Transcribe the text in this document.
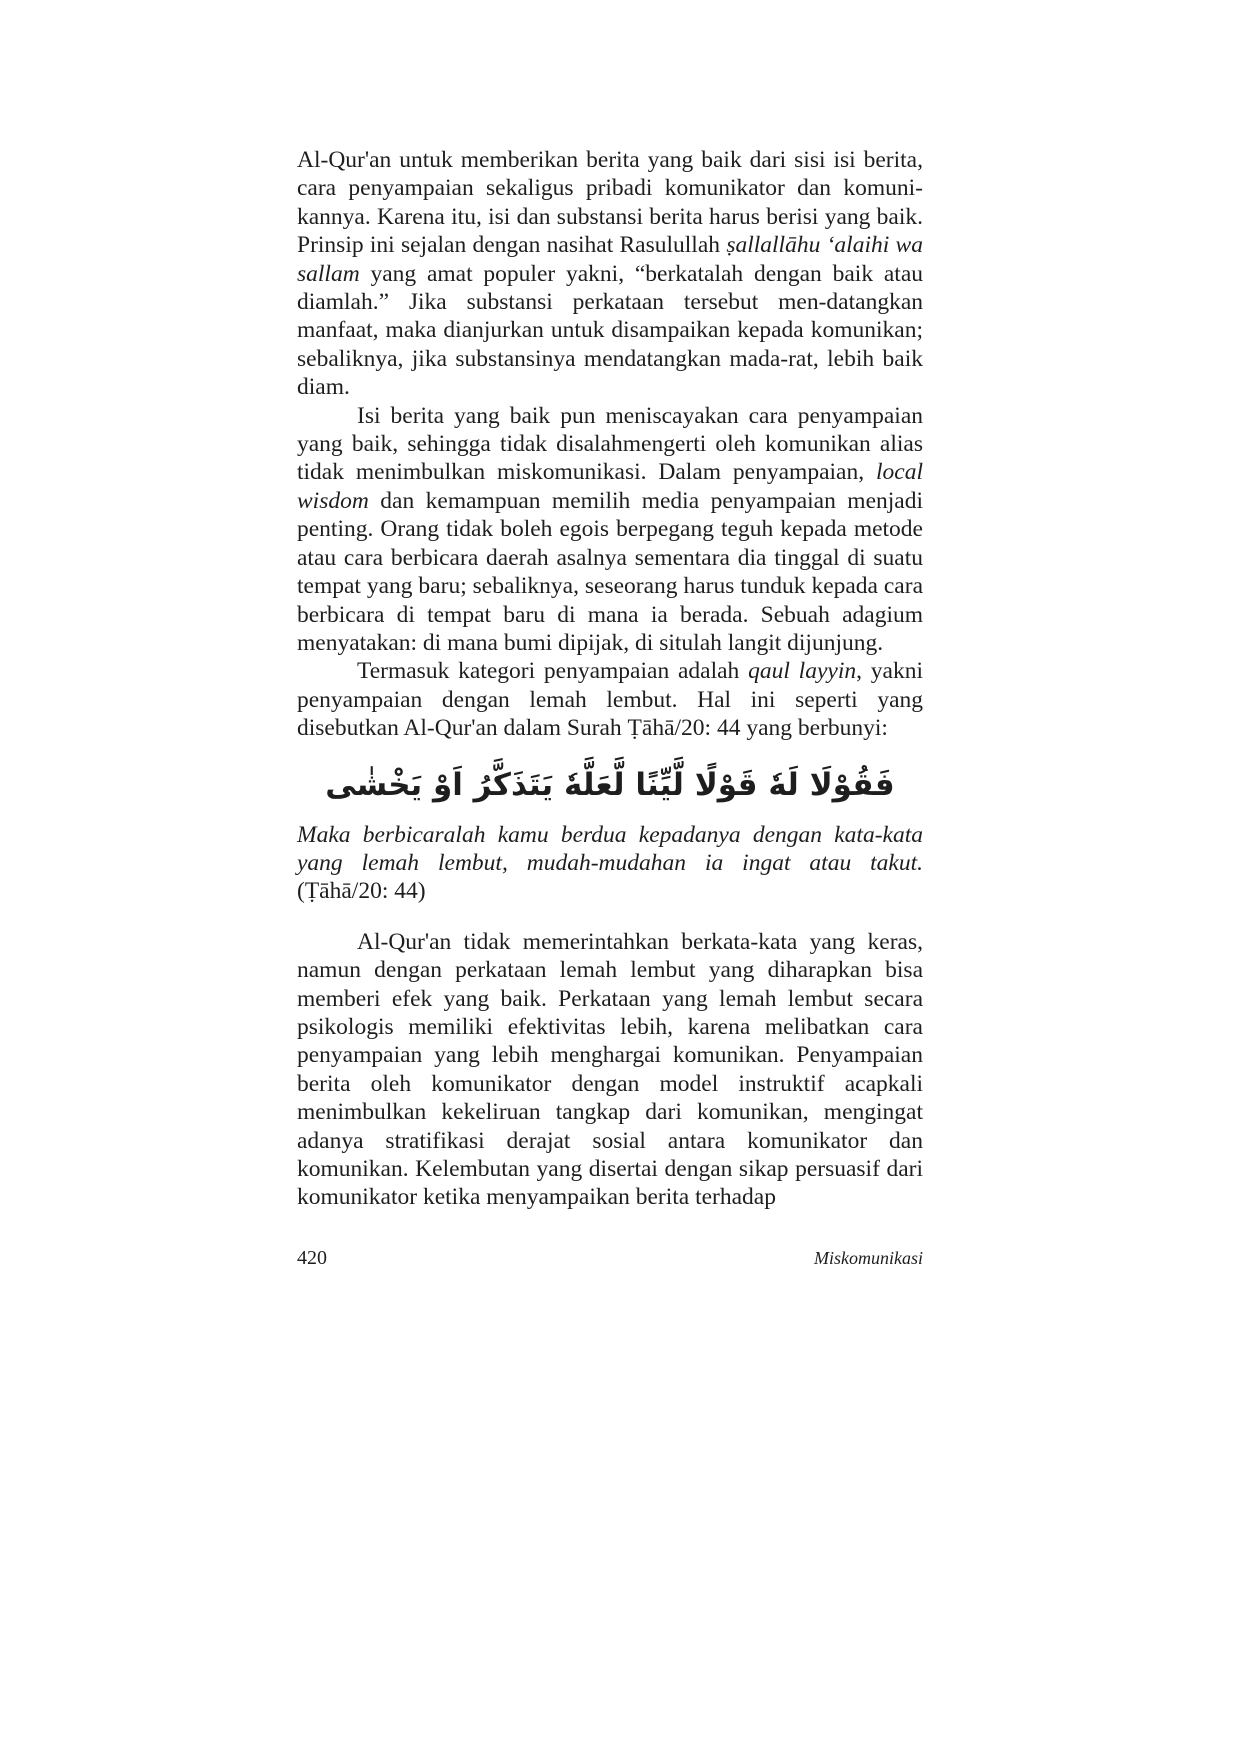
Al-Qur'an untuk memberikan berita yang baik dari sisi isi berita, cara penyampaian sekaligus pribadi komunikator dan komuni-kannya. Karena itu, isi dan substansi berita harus berisi yang baik. Prinsip ini sejalan dengan nasihat Rasulullah ṣallallāhu ‘alaihi wa sallam yang amat populer yakni, “berkatalah dengan baik atau diamlah.” Jika substansi perkataan tersebut men-datangkan manfaat, maka dianjurkan untuk disampaikan kepada komunikan; sebaliknya, jika substansinya mendatangkan mada-rat, lebih baik diam.

Isi berita yang baik pun meniscayakan cara penyampaian yang baik, sehingga tidak disalahmengerti oleh komunikan alias tidak menimbulkan miskomunikasi. Dalam penyampaian, local wisdom dan kemampuan memilih media penyampaian menjadi penting. Orang tidak boleh egois berpegang teguh kepada metode atau cara berbicara daerah asalnya sementara dia tinggal di suatu tempat yang baru; sebaliknya, seseorang harus tunduk kepada cara berbicara di tempat baru di mana ia berada. Sebuah adagium menyatakan: di mana bumi dipijak, di situlah langit dijunjung.

Termasuk kategori penyampaian adalah qaul layyin, yakni penyampaian dengan lemah lembut. Hal ini seperti yang disebutkan Al-Qur'an dalam Surah Ṭāhā/20: 44 yang berbunyi:

فَقُوْلَا لَهٗ قَوْلًا لَّيِّنًا لَّعَلَّهٗ يَتَذَكَّرُ اَوْ يَخْشٰى

Maka berbicaralah kamu berdua kepadanya dengan kata-kata yang lemah lembut, mudah-mudahan ia ingat atau takut. (Ṭāhā/20: 44)

Al-Qur'an tidak memerintahkan berkata-kata yang keras, namun dengan perkataan lemah lembut yang diharapkan bisa memberi efek yang baik. Perkataan yang lemah lembut secara psikologis memiliki efektivitas lebih, karena melibatkan cara penyampaian yang lebih menghargai komunikan. Penyampaian berita oleh komunikator dengan model instruktif acapkali menimbulkan kekeliruan tangkap dari komunikan, mengingat adanya stratifikasi derajat sosial antara komunikator dan komunikan. Kelembutan yang disertai dengan sikap persuasif dari komunikator ketika menyampaikan berita terhadap

420	Miskomunikasi
